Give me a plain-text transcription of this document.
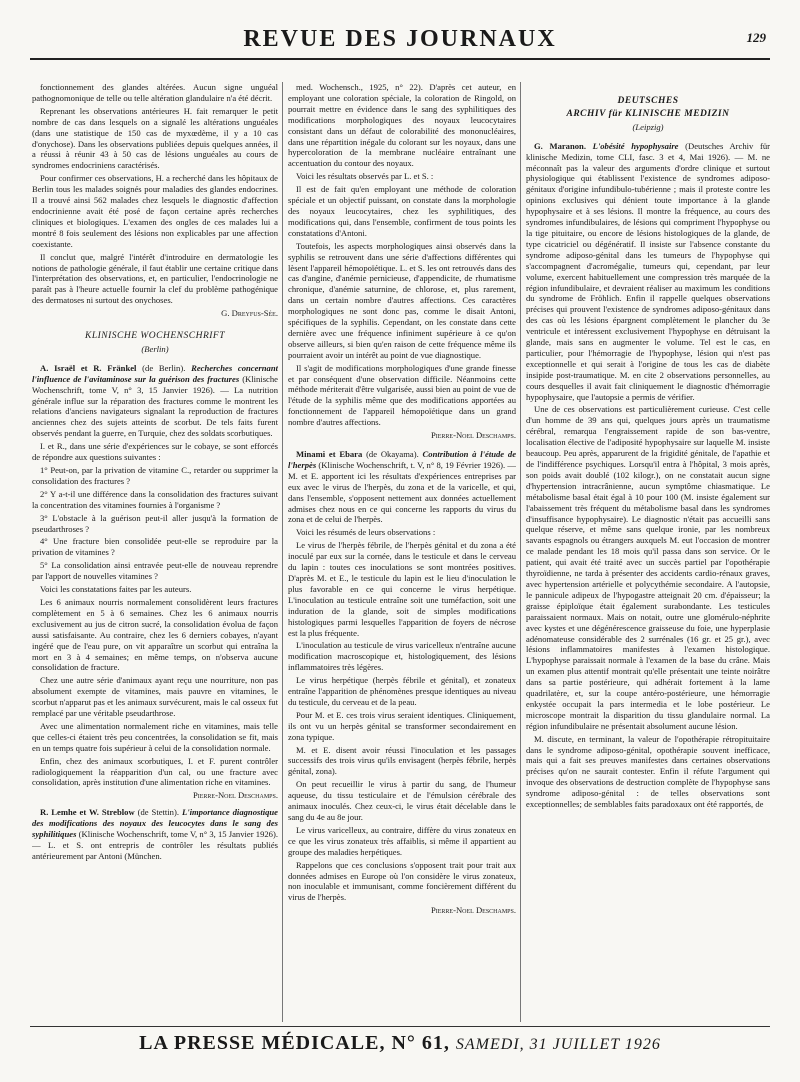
REVUE DES JOURNAUX	129

fonctionnement des glandes altérées. Aucun signe unguéal pathognomonique de telle ou telle altération glandulaire n'a été décrit.

Reprenant les observations antérieures H. fait remarquer le petit nombre de cas dans lesquels on a signalé les altérations unguéales (dans une statistique de 150 cas de myxœdème, il y a 10 cas d'onychose). Dans les observations publiées depuis quelques années, il a réussi à réunir 43 à 50 cas de lésions unguéales au cours de syndromes endocriniens caractérisés.

Pour confirmer ces observations, H. a recherché dans les hôpitaux de Berlin tous les malades soignés pour maladies des glandes endocrines. Il a trouvé ainsi 562 malades chez lesquels le diagnostic d'affection endocrinienne avait été posé de façon certaine après recherches cliniques et biologiques. L'examen des ongles de ces malades lui a montré 8 fois seulement des lésions non explicables par une affection coexistante.

Il conclut que, malgré l'intérêt d'introduire en dermatologie les notions de pathologie générale, il faut établir une certaine critique dans l'interprétation des observations, et, en particulier, l'endocrinologie ne paraît pas à l'heure actuelle fournir la clef du problème pathogénique des dermatoses ni surtout des onychoses.

G. Dreyfus-Sée.

KLINISCHE WOCHENSCHRIFT
(Berlin)

A. Israël et R. Fränkel (de Berlin). Recherches concernant l'influence de l'avitaminose sur la guérison des fractures (Klinische Wochenschrift, tome V, n° 3, 15 Janvier 1926). — La nutrition générale influe sur la réparation des fractures comme le montrent les relations d'anciens navigateurs signalant la reproduction de fractures anciennes chez des sujets atteints de scorbut. De tels faits furent observés pendant la guerre, en Turquie, chez des soldats scorbutiques.

I. et R., dans une série d'expériences sur le cobaye, se sont efforcés de répondre aux questions suivantes :

1° Peut-on, par la privation de vitamine C., retarder ou supprimer la consolidation des fractures ?

2° Y a-t-il une différence dans la consolidation des fractures suivant la concentration des vitamines fournies à l'organisme ?

3° L'obstacle à la guérison peut-il aller jusqu'à la formation de pseudarthroses ?

4° Une fracture bien consolidée peut-elle se reproduire par la privation de vitamines ?

5° La consolidation ainsi entravée peut-elle de nouveau reprendre par l'apport de nouvelles vitamines ?

Voici les constatations faites par les auteurs.

Les 6 animaux nourris normalement consolidèrent leurs fractures complètement en 5 à 6 semaines. Chez les 6 animaux nourris exclusivement au jus de citron sucré, la consolidation évolua de façon aussi satisfaisante. Au contraire, chez les 6 derniers cobayes, n'ayant ingéré que de l'eau pure, on vit apparaître un scorbut qui entraîna la mort en 3 à 4 semaines; en même temps, on n'observa aucune consolidation de fracture.

Chez une autre série d'animaux ayant reçu une nourriture, non pas absolument exempte de vitamines, mais pauvre en vitamines, le scorbut n'apparut pas et les animaux survécurent, mais le cal osseux fut remplacé par une véritable pseudarthrose.

Avec une alimentation normalement riche en vitamines, mais telle que celles-ci étaient très peu concentrées, la consolidation se fit, mais en un temps quatre fois supérieur à celui de la consolidation normale.

Enfin, chez des animaux scorbutiques, I. et F. purent contrôler radiologiquement la réapparition d'un cal, ou une fracture avec consolidation, après institution d'une alimentation riche en vitamines.

Pierre-Noel Deschamps.

R. Lemhe et W. Streblow (de Stettin). L'importance diagnostique des modifications des noyaux des leucocytes dans le sang des syphilitiques (Klinische Wochenschrift, tome V, n° 3, 15 Janvier 1926). — L. et S. ont entrepris de contrôler les résultats publiés antérieurement par Antoni (München.

med. Wochensch., 1925, n° 22). D'après cet auteur, en employant une coloration spéciale, la coloration de Ringold, on pourrait mettre en évidence dans le sang des syphilitiques des modifications morphologiques des noyaux leucocytaires consistant dans un défaut de colorabilité des mononucléaires, dans une répartition inégale du colorant sur les noyaux, dans une hypercoloration de la membrane nucléaire entraînant une accentuation du contour des noyaux.

Voici les résultats observés par L. et S. :

Il est de fait qu'en employant une méthode de coloration spéciale et un objectif puissant, on constate dans la morphologie des noyaux leucocytaires, chez les syphilitiques, des modifications qui, dans l'ensemble, confirment de tous points les constatations d'Antoni.

Toutefois, les aspects morphologiques ainsi observés dans la syphilis se retrouvent dans une série d'affections différentes qui lèsent l'appareil hémopoïétique. L. et S. les ont retrouvés dans des cas d'angine, d'anémie pernicieuse, d'appendicite, de rhumatisme chronique, d'anémie saturnine, de chlorose, et, plus rarement, dans un certain nombre d'autres affections. Ces caractères morphologiques ne sont donc pas, comme le disait Antoni, spécifiques de la syphilis. Cependant, on les constate dans cette dernière avec une fréquence infiniment supérieure à ce qu'on observe ailleurs, si bien qu'en raison de cette fréquence même ils pourraient avoir un intérêt au point de vue diagnostique.

Il s'agit de modifications morphologiques d'une grande finesse et par conséquent d'une observation difficile. Néanmoins cette méthode mériterait d'être vulgarisée, aussi bien au point de vue de l'étude de la syphilis même que des modifications apportées au fonctionnement de l'appareil hémopoïétique dans un grand nombre d'autres affections.

Pierre-Noel Deschamps.

Minami et Ebara (de Okayama). Contribution à l'étude de l'herpès (Klinische Wochenschrift, t. V, n° 8, 19 Février 1926). — M. et E. apportent ici les résultats d'expériences entreprises par eux avec le virus de l'herpès, du zona et de la varicelle, et qui, dans l'ensemble, s'opposent nettement aux données actuellement admises chez nous en ce qui concerne les rapports du virus du zona et de celui de l'herpès.

Voici les résumés de leurs observations :

Le virus de l'herpès fébrile, de l'herpès génital et du zona a été inoculé par eux sur la cornée, dans le testicule et dans le cerveau du lapin : toutes ces inoculations se sont montrées positives. D'après M. et E., le testicule du lapin est le lieu d'inoculation le plus favorable en ce qui concerne le virus herpétique. L'inoculation au testicule entraîne soit une tuméfaction, soit une induration de la glande, soit de simples modifications histologiques parmi lesquelles l'apparition de foyers de nécrose est la plus fréquente.

L'inoculation au testicule de virus varicelleux n'entraîne aucune modification macroscopique et, histologiquement, des lésions inflammatoires très légères.

Le virus herpétique (herpès fébrile et génital), et zonateux entraîne l'apparition de phénomènes presque identiques au niveau du testicule, du cerveau et de la peau.

Pour M. et E. ces trois virus seraient identiques. Cliniquement, ils ont vu un herpès génital se transformer secondairement en zona typique.

M. et E. disent avoir réussi l'inoculation et les passages successifs des trois virus qu'ils envisagent (herpès fébrile, herpès génital, zona).

On peut recueillir le virus à partir du sang, de l'humeur aqueuse, du tissu testiculaire et de l'émulsion cérébrale des animaux inoculés. Chez ceux-ci, le virus était décelable dans le sang du 4e au 8e jour.

Le virus varicelleux, au contraire, diffère du virus zonateux en ce que les virus zonateux très affaiblis, si même il appartient au groupe des maladies herpétiques.

Rappelons que ces conclusions s'opposent trait pour trait aux données admises en Europe où l'on considère le virus zonateux, non inoculable et immunisant, comme foncièrement différent du virus de l'herpès.

Pierre-Noel Deschamps.

DEUTSCHES
ARCHIV für KLINISCHE MEDIZIN
(Leipzig)

G. Maranon. L'obésité hypophysaire (Deutsches Archiv für klinische Medizin, tome CLI, fasc. 3 et 4, Mai 1926). — M. ne méconnaît pas la valeur des arguments d'ordre clinique et surtout physiologique qui établissent l'existence de syndromes adiposo-génitaux d'origine infundibulo-tubérienne ; mais il proteste contre les opinions exclusives qui dénient toute importance à la glande hypophysaire et à ses lésions. Il montre la fréquence, au cours des syndromes infundibulaires, de lésions qui compriment l'hypophyse ou la tige pituitaire, ou encore de lésions histologiques de la glande, de type cicatriciel ou dégénératif. Il insiste sur l'absence constante du syndrome adiposo-génital dans les tumeurs de l'hypophyse qui s'accompagnent d'acromégalie, tumeurs qui, cependant, par leur volume, exercent habituellement une compression très marquée de la région infundibulaire, et devraient réaliser au maximum les conditions du syndrome de Fröhlich. Enfin il rappelle quelques observations précises qui prouvent l'existence de syndromes adiposo-génitaux dans des cas où les lésions épargnent complètement le plancher du 3e ventricule et intéressent exclusivement l'hypophyse en détruisant la glande, mais sans en augmenter le volume. Tel est le cas, en particulier, pour l'hémorragie de l'hypophyse, lésion qui n'est pas exceptionnelle et qui serait à l'origine de tous les cas de diabète insipide post-traumatique. M. en cite 2 observations personnelles, au cours desquelles il avait fait cliniquement le diagnostic d'hémorragie hypophysaire, que l'autopsie a permis de vérifier.

Une de ces observations est particulièrement curieuse. C'est celle d'un homme de 39 ans qui, quelques jours après un traumatisme cérébral, remarqua l'engraissement rapide de son bas-ventre, localisation élective de l'adiposité hypophysaire sur laquelle M. insiste beaucoup. Peu après, apparurent de la frigidité génitale, de l'apathie et de l'indifférence psychiques. Lorsqu'il entra à l'hôpital, 3 mois après, son poids avait doublé (102 kilogr.), on ne constatait aucun signe d'hypertension intracrânienne, aucun symptôme chiasmatique. Le métabolisme basal était égal à 10 pour 100 (M. insiste également sur l'abaissement très fréquent du métabolisme basal dans les syndromes d'insuffisance hypophysaire). Le diagnostic n'était pas accueilli sans quelque réserve, et même sans quelque ironie, par les nombreux savants espagnols ou étrangers auxquels M. eut l'occasion de montrer ce malade pendant les 18 mois qu'il passa dans son service. Or le patient, qui avait été traité avec un succès partiel par l'opothérapie thyroïdienne, ne tarda à présenter des accidents cardio-rénaux graves, avec hypertension artérielle et polycythémie secondaire. A l'autopsie, le pannicule adipeux de l'hypogastre atteignait 20 cm. d'épaisseur; la graisse épiploïque était également surabondante. Les testicules paraissaient normaux. Mais on notait, outre une glomérulo-néphrite avec kystes et une dégénérescence graisseuse du foie, une hyperplasie adénomateuse considérable des 2 surrénales (16 gr. et 25 gr.), avec lésions inflammatoires manifestes à l'examen histologique. L'hypophyse paraissait normale à l'examen de la base du crâne. Mais un examen plus attentif montrait qu'elle présentait une teinte noirâtre dans sa partie postérieure, qui adhérait fortement à la lame quadrilatère, et, sur la coupe antéro-postérieure, une hémorragie enkystée occupait la pars intermedia et le lobe postérieur. Le microscope montrait la disparition du tissu glandulaire normal. La région infundibulaire ne présentait absolument aucune lésion.

M. discute, en terminant, la valeur de l'opothérapie rétropituitaire dans le syndrome adiposo-génital, opothérapie souvent inefficace, mais qui a fait ses preuves manifestes dans certaines observations précises qu'on ne saurait contester. Enfin il réfute l'argument qui invoque des observations de destruction complète de l'hypophyse sans syndrome adiposo-génital : de telles observations sont exceptionnelles; de semblables faits paradoxaux ont été rapportés, de

LA PRESSE MÉDICALE, N° 61, SAMEDI, 31 JUILLET 1926
